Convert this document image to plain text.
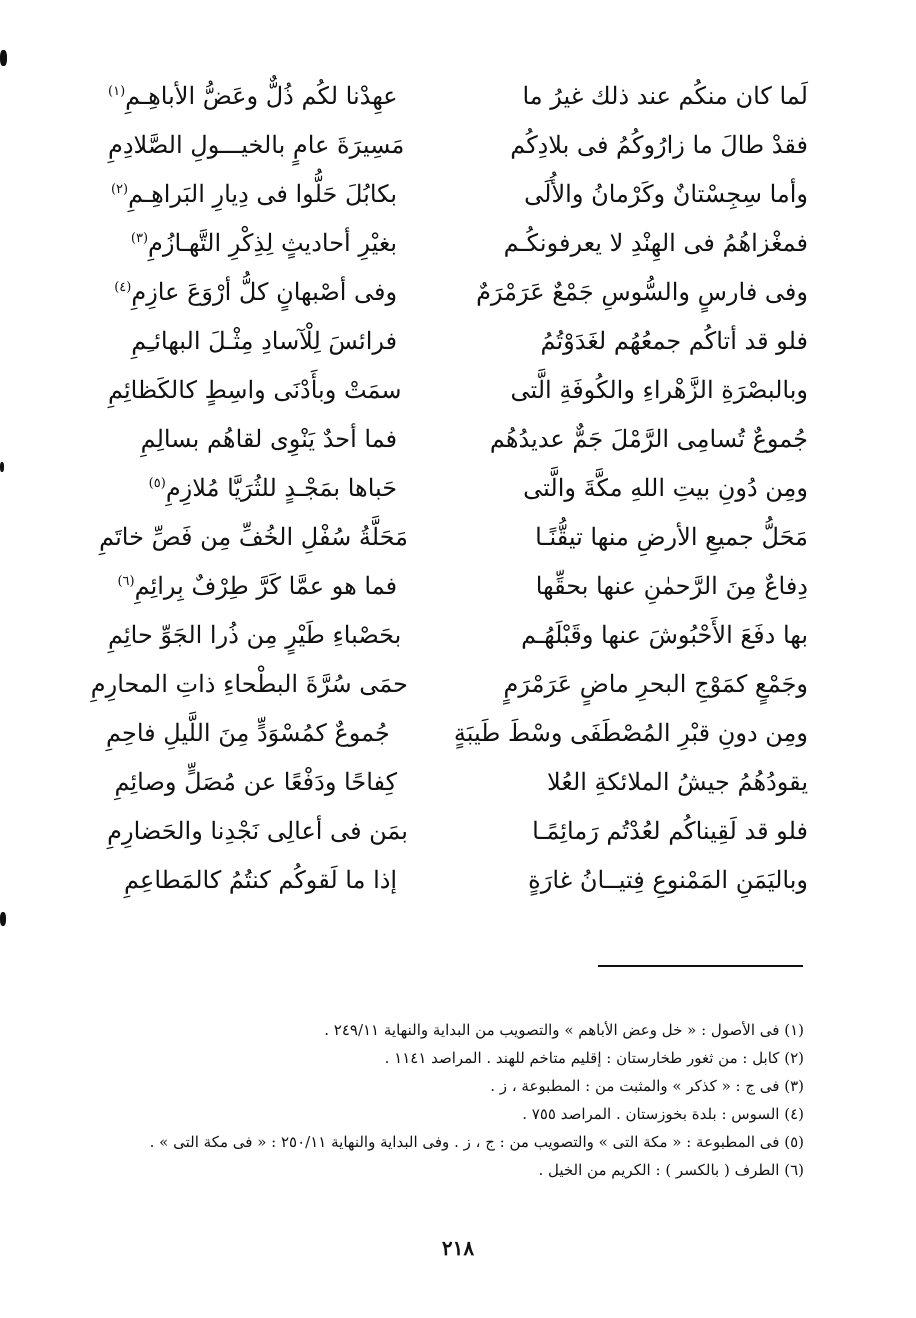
لَما كان منكُم عند ذلك غيرُ ما
عهِدْنا لكُم ذُلٌّ وعَضُّ الأباهِـمِ$^{(١)}$
فقدْ طالَ ما زارُوكُمُ فى بلادِكُم
مَسِيرَةَ عامٍ بالخيـــولِ الصَّلادِمِ
وأما سِجِسْتانٌ وكَرْمانُ والأُلَى
بكابُلَ حَلُّوا فى دِيارِ البَراهِـمِ$^{(٢)}$
فمغْزاهُمُ فى الهِنْدِ لا يعرفونكُـم
بغيْرِ أحاديثٍ لِذِكْرِ التَّهـازُمِ$^{(٣)}$
وفى فارسٍ والسُّوسِ جَمْعٌ عَرَمْرَمٌ
وفى أصْبهانٍ كلُّ أرْوَعَ عازِمِ$^{(٤)}$
فلو قد أتاكُم جمعُهُم لغَدَوْتُمُ
فرائسَ لِلْآسادِ مِثْـلَ البهائـِمِ
وبالبصْرَةِ الزَّهْراءِ والكُوفَةِ الَّتى
سمَتْ وبأَدْنَى واسِطٍ كالكَظائِمِ
جُموعٌ تُسامِى الرَّمْلَ جَمٌّ عديدُهُم
فما أحدٌ يَنْوِى لقاهُم بسالِمِ
ومِن دُونِ بيتِ اللهِ مكَّةَ والَّتى
حَباها بمَجْـدٍ للثُرَيَّا مُلازِمِ$^{(٥)}$
مَحَلُّ جميعِ الأرضِ منها تيقُّنًـا
مَحَلَّةُ سُفْلِ الخُفِّ مِن فَصِّ خاتَمِ
دِفاعٌ مِنَ الرَّحمٰنِ عنها بحقِّها
فما هو عمَّا كَرَّ طِرْفٌ بِرائِمِ$^{(٦)}$
بها دفَعَ الأَحْبُوشَ عنها وقَبْلَهُـم
بحَصْباءِ طَيْرٍ مِن ذُرا الجَوِّ حائِمِ
وجَمْعٍ كمَوْجِ البحرِ ماضٍ عَرَمْرَمٍ
حمَى سُرَّةَ البطْحاءِ ذاتِ المحارِمِ
ومِن دونِ قبْرِ المُصْطَفَى وسْطَ طَيبَةٍ
جُموعٌ كمُسْوَدٍّ مِنَ اللَّيلِ فاحِمِ
يقودُهُمُ جيشُ الملائكةِ العُلا
كِفاحًا ودَفْعًا عن مُصَلٍّ وصائِمِ
فلو قد لَقِيناكُم لعُدْتُم رَمائِمًـا
بمَن فى أعالِى نَجْدِنا والحَضارِمِ
وباليَمَنِ المَمْنوعِ فِتيــانُ غارَةٍ
إذا ما لَقوكُم كنتُمُ كالمَطاعِمِ
(١) فى الأصول : « خل وعض الأباهم » والتصويب من البداية والنهاية ٢٤٩/١١ .
(٢) كابل : من ثغور طخارستان : إقليم متاخم للهند . المراصد ١١٤١ .
(٣) فى ج : « كذكر » والمثبت من : المطبوعة ، ز .
(٤) السوس : بلدة بخوزستان . المراصد ٧٥٥ .
(٥) فى المطبوعة : « مكة التى » والتصويب من : ج ، ز . وفى البداية والنهاية ٢٥٠/١١ : « فى مكة التى » .
(٦) الطرف ( بالكسر ) : الكريم من الخيل .
٢١٨
